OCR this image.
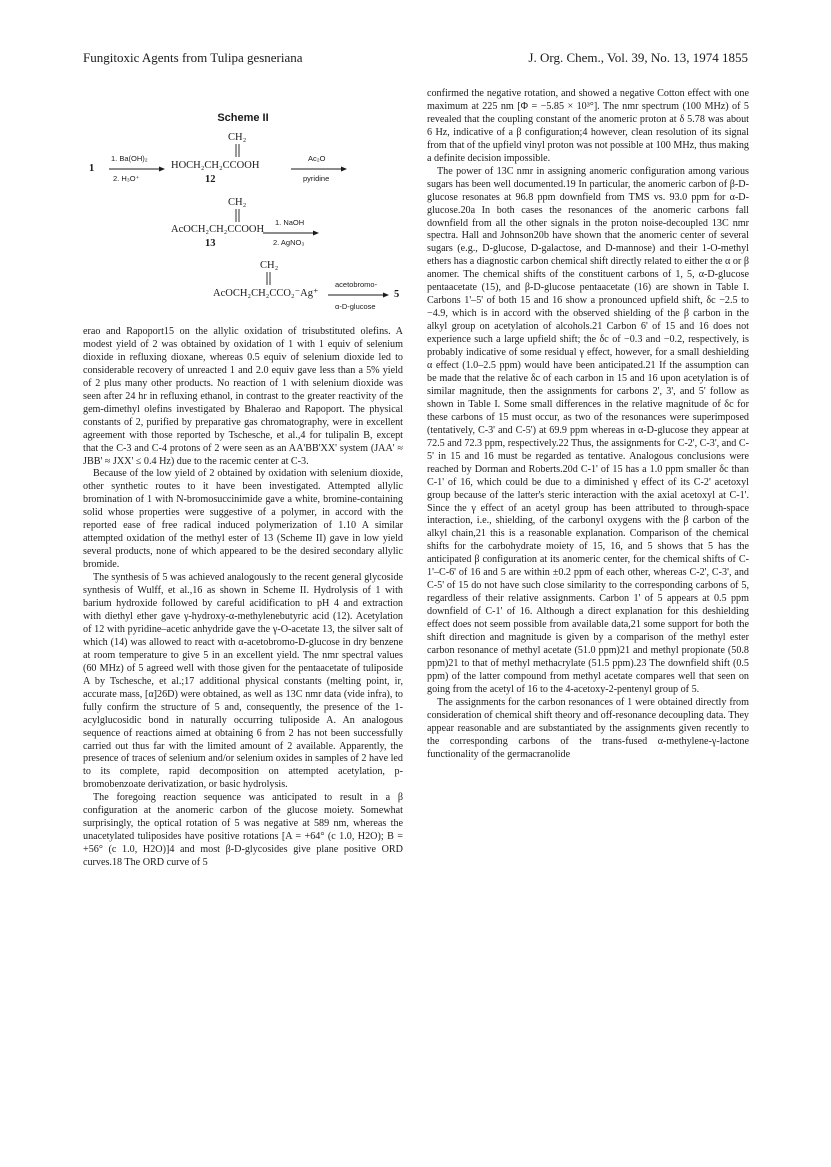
Fungitoxic Agents from Tulipa gesneriana	J. Org. Chem., Vol. 39, No. 13, 1974 1855
Scheme II
1
1. Ba(OH)₂
2. H₃O⁺
CH₂
HOCH₂CH₂CCOOH
12
Ac₂O
pyridine
CH₂
AcOCH₂CH₂CCOOH
13
1. NaOH
2. AgNO₃
CH₂
AcOCH₂CH₂CCO₂⁻Ag⁺
acetobromo-
α-D-glucose
5

erao and Rapoport15 on the allylic oxidation of trisubstituted olefins. A modest yield of 2 was obtained by oxidation of 1 with 1 equiv of selenium dioxide in refluxing dioxane, whereas 0.5 equiv of selenium dioxide led to considerable recovery of unreacted 1 and 2.0 equiv gave less than a 5% yield of 2 plus many other products. No reaction of 1 with selenium dioxide was seen after 24 hr in refluxing ethanol, in contrast to the greater reactivity of the gem-dimethyl olefins investigated by Bhalerao and Rapoport. The physical constants of 2, purified by preparative gas chromatography, were in excellent agreement with those reported by Tschesche, et al.,4 for tulipalin B, except that the C-3 and C-4 protons of 2 were seen as an AA'BB'XX' system (JAA' ≈ JBB' ≈ JXX' ≤ 0.4 Hz) due to the racemic center at C-3.

Because of the low yield of 2 obtained by oxidation with selenium dioxide, other synthetic routes to it have been investigated. Attempted allylic bromination of 1 with N-bromosuccinimide gave a white, bromine-containing solid whose properties were suggestive of a polymer, in accord with the reported ease of free radical induced polymerization of 1.10 A similar attempted oxidation of the methyl ester of 13 (Scheme II) gave in low yield several products, none of which appeared to be the desired secondary allylic bromide.

The synthesis of 5 was achieved analogously to the recent general glycoside synthesis of Wulff, et al.,16 as shown in Scheme II. Hydrolysis of 1 with barium hydroxide followed by careful acidification to pH 4 and extraction with diethyl ether gave γ-hydroxy-α-methylenebutyric acid (12). Acetylation of 12 with pyridine–acetic anhydride gave the γ-O-acetate 13, the silver salt of which (14) was allowed to react with α-acetobromo-D-glucose in dry benzene at room temperature to give 5 in an excellent yield. The nmr spectral values (60 MHz) of 5 agreed well with those given for the pentaacetate of tuliposide A by Tschesche, et al.;17 additional physical constants (melting point, ir, accurate mass, [α]26D) were obtained, as well as 13C nmr data (vide infra), to fully confirm the structure of 5 and, consequently, the presence of the 1-acylglucosidic bond in naturally occurring tuliposide A. An analogous sequence of reactions aimed at obtaining 6 from 2 has not been successfully carried out thus far with the limited amount of 2 available. Apparently, the presence of traces of selenium and/or selenium oxides in samples of 2 have led to its complete, rapid decomposition on attempted acetylation, p-bromobenzoate derivatization, or basic hydrolysis.

The foregoing reaction sequence was anticipated to result in a β configuration at the anomeric carbon of the glucose moiety. Somewhat surprisingly, the optical rotation of 5 was negative at 589 nm, whereas the unacetylated tuliposides have positive rotations [A = +64° (c 1.0, H2O); B = +56° (c 1.0, H2O)]4 and most β-D-glycosides give plane positive ORD curves.18 The ORD curve of 5

confirmed the negative rotation, and showed a negative Cotton effect with one maximum at 225 nm [Φ = −5.85 × 10³°]. The nmr spectrum (100 MHz) of 5 revealed that the coupling constant of the anomeric proton at δ 5.78 was about 6 Hz, indicative of a β configuration;4 however, clean resolution of its signal from that of the upfield vinyl proton was not possible at 100 MHz, thus making a definite decision impossible.

The power of 13C nmr in assigning anomeric configuration among various sugars has been well documented.19 In particular, the anomeric carbon of β-D-glucose resonates at 96.8 ppm downfield from TMS vs. 93.0 ppm for α-D-glucose.20a In both cases the resonances of the anomeric carbons fall downfield from all the other signals in the proton noise-decoupled 13C nmr spectra. Hall and Johnson20b have shown that the anomeric center of several sugars (e.g., D-glucose, D-galactose, and D-mannose) and their 1-O-methyl ethers has a diagnostic carbon chemical shift directly related to either the α or β anomer. The chemical shifts of the constituent carbons of 1, 5, α-D-glucose pentaacetate (15), and β-D-glucose pentaacetate (16) are shown in Table I. Carbons 1'–5' of both 15 and 16 show a pronounced upfield shift, δc −2.5 to −4.9, which is in accord with the observed shielding of the β carbon in the alkyl group on acetylation of alcohols.21 Carbon 6' of 15 and 16 does not experience such a large upfield shift; the δc of −0.3 and −0.2, respectively, is probably indicative of some residual γ effect, however, for a small deshielding α effect (1.0–2.5 ppm) would have been anticipated.21 If the assumption can be made that the relative δc of each carbon in 15 and 16 upon acetylation is of similar magnitude, then the assignments for carbons 2', 3', and 5' follow as shown in Table I. Some small differences in the relative magnitude of δc for these carbons of 15 must occur, as two of the resonances were superimposed (tentatively, C-3' and C-5') at 69.9 ppm whereas in α-D-glucose they appear at 72.5 and 72.3 ppm, respectively.22 Thus, the assignments for C-2', C-3', and C-5' in 15 and 16 must be regarded as tentative. Analogous conclusions were reached by Dorman and Roberts.20d C-1' of 15 has a 1.0 ppm smaller δc than C-1' of 16, which could be due to a diminished γ effect of its C-2' acetoxyl group because of the latter's steric interaction with the axial acetoxyl at C-1'. Since the γ effect of an acetyl group has been attributed to through-space interaction, i.e., shielding, of the carbonyl oxygens with the β carbon of the alkyl chain,21 this is a reasonable explanation. Comparison of the chemical shifts for the carbohydrate moiety of 15, 16, and 5 shows that 5 has the anticipated β configuration at its anomeric center, for the chemical shifts of C-1'–C-6' of 16 and 5 are within ±0.2 ppm of each other, whereas C-2', C-3', and C-5' of 15 do not have such close similarity to the corresponding carbons of 5, regardless of their relative assignments. Carbon 1' of 5 appears at 0.5 ppm downfield of C-1' of 16. Although a direct explanation for this deshielding effect does not seem possible from available data,21 some support for both the shift direction and magnitude is given by a comparison of the methyl ester carbon resonance of methyl acetate (51.0 ppm)21 and methyl propionate (50.8 ppm)21 to that of methyl methacrylate (51.5 ppm).23 The downfield shift (0.5 ppm) of the latter compound from methyl acetate compares well that seen on going from the acetyl of 16 to the 4-acetoxy-2-pentenyl group of 5.

The assignments for the carbon resonances of 1 were obtained directly from consideration of chemical shift theory and off-resonance decoupling data. They appear reasonable and are substantiated by the assignments given recently to the corresponding carbons of the trans-fused α-methylene-γ-lactone functionality of the germacranolide
